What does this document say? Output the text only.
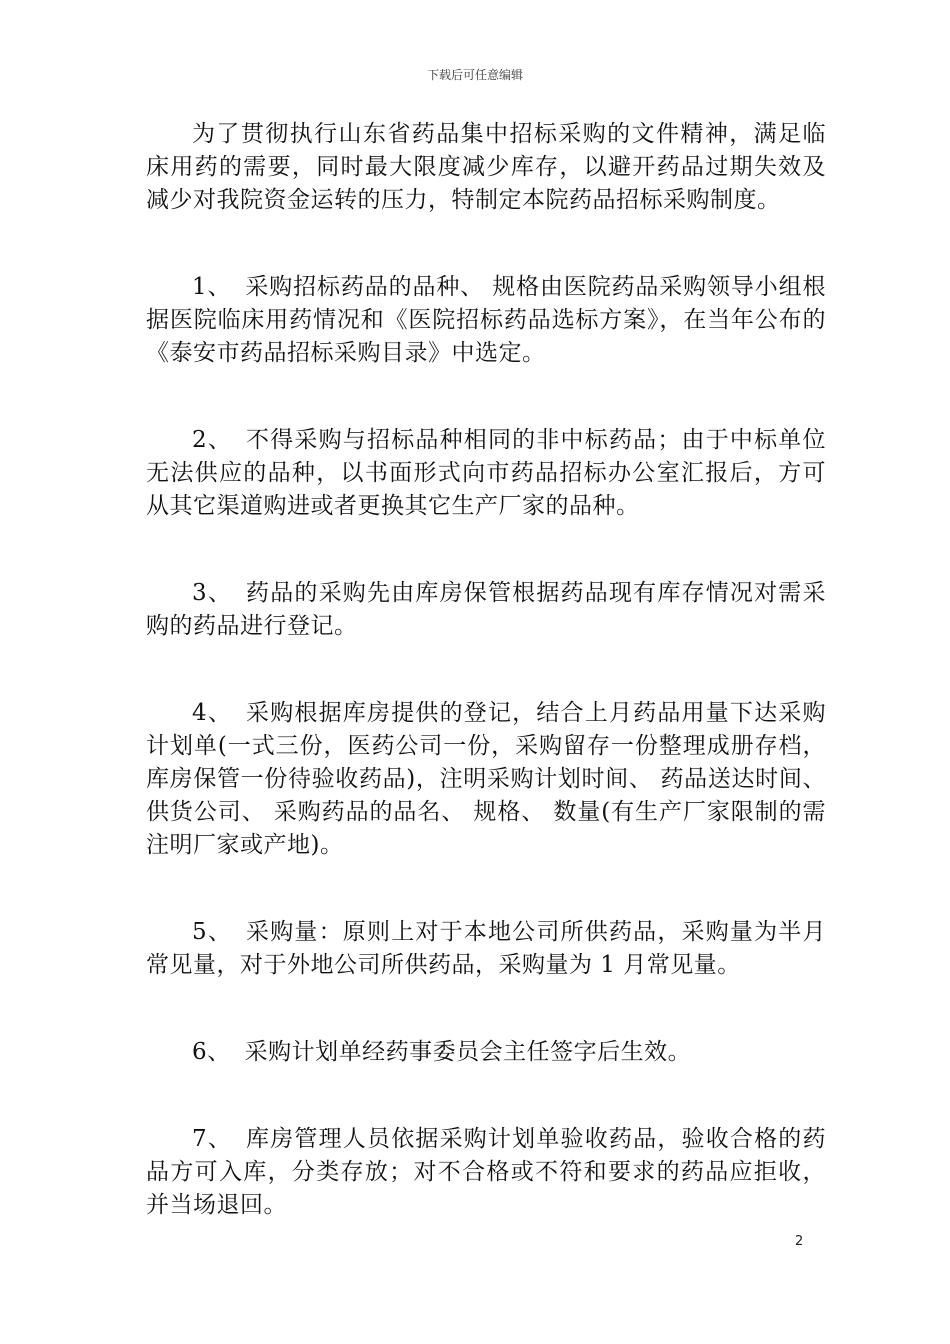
下载后可任意编辑

为了贯彻执行山东省药品集中招标采购的文件精神，满足临床用药的需要，同时最大限度减少库存，以避开药品过期失效及减少对我院资金运转的压力，特制定本院药品招标采购制度。

1、 采购招标药品的品种、 规格由医院药品采购领导小组根据医院临床用药情况和《医院招标药品选标方案》，在当年公布的《泰安市药品招标采购目录》中选定。

2、 不得采购与招标品种相同的非中标药品；由于中标单位无法供应的品种，以书面形式向市药品招标办公室汇报后，方可从其它渠道购进或者更换其它生产厂家的品种。

3、 药品的采购先由库房保管根据药品现有库存情况对需采购的药品进行登记。

4、 采购根据库房提供的登记，结合上月药品用量下达采购计划单(一式三份，医药公司一份，采购留存一份整理成册存档，库房保管一份待验收药品)，注明采购计划时间、 药品送达时间、 供货公司、 采购药品的品名、 规格、 数量(有生产厂家限制的需注明厂家或产地)。

5、 采购量：原则上对于本地公司所供药品，采购量为半月常见量，对于外地公司所供药品，采购量为 1 月常见量。

6、 采购计划单经药事委员会主任签字后生效。

7、 库房管理人员依据采购计划单验收药品，验收合格的药品方可入库，分类存放；对不合格或不符和要求的药品应拒收，并当场退回。

2
